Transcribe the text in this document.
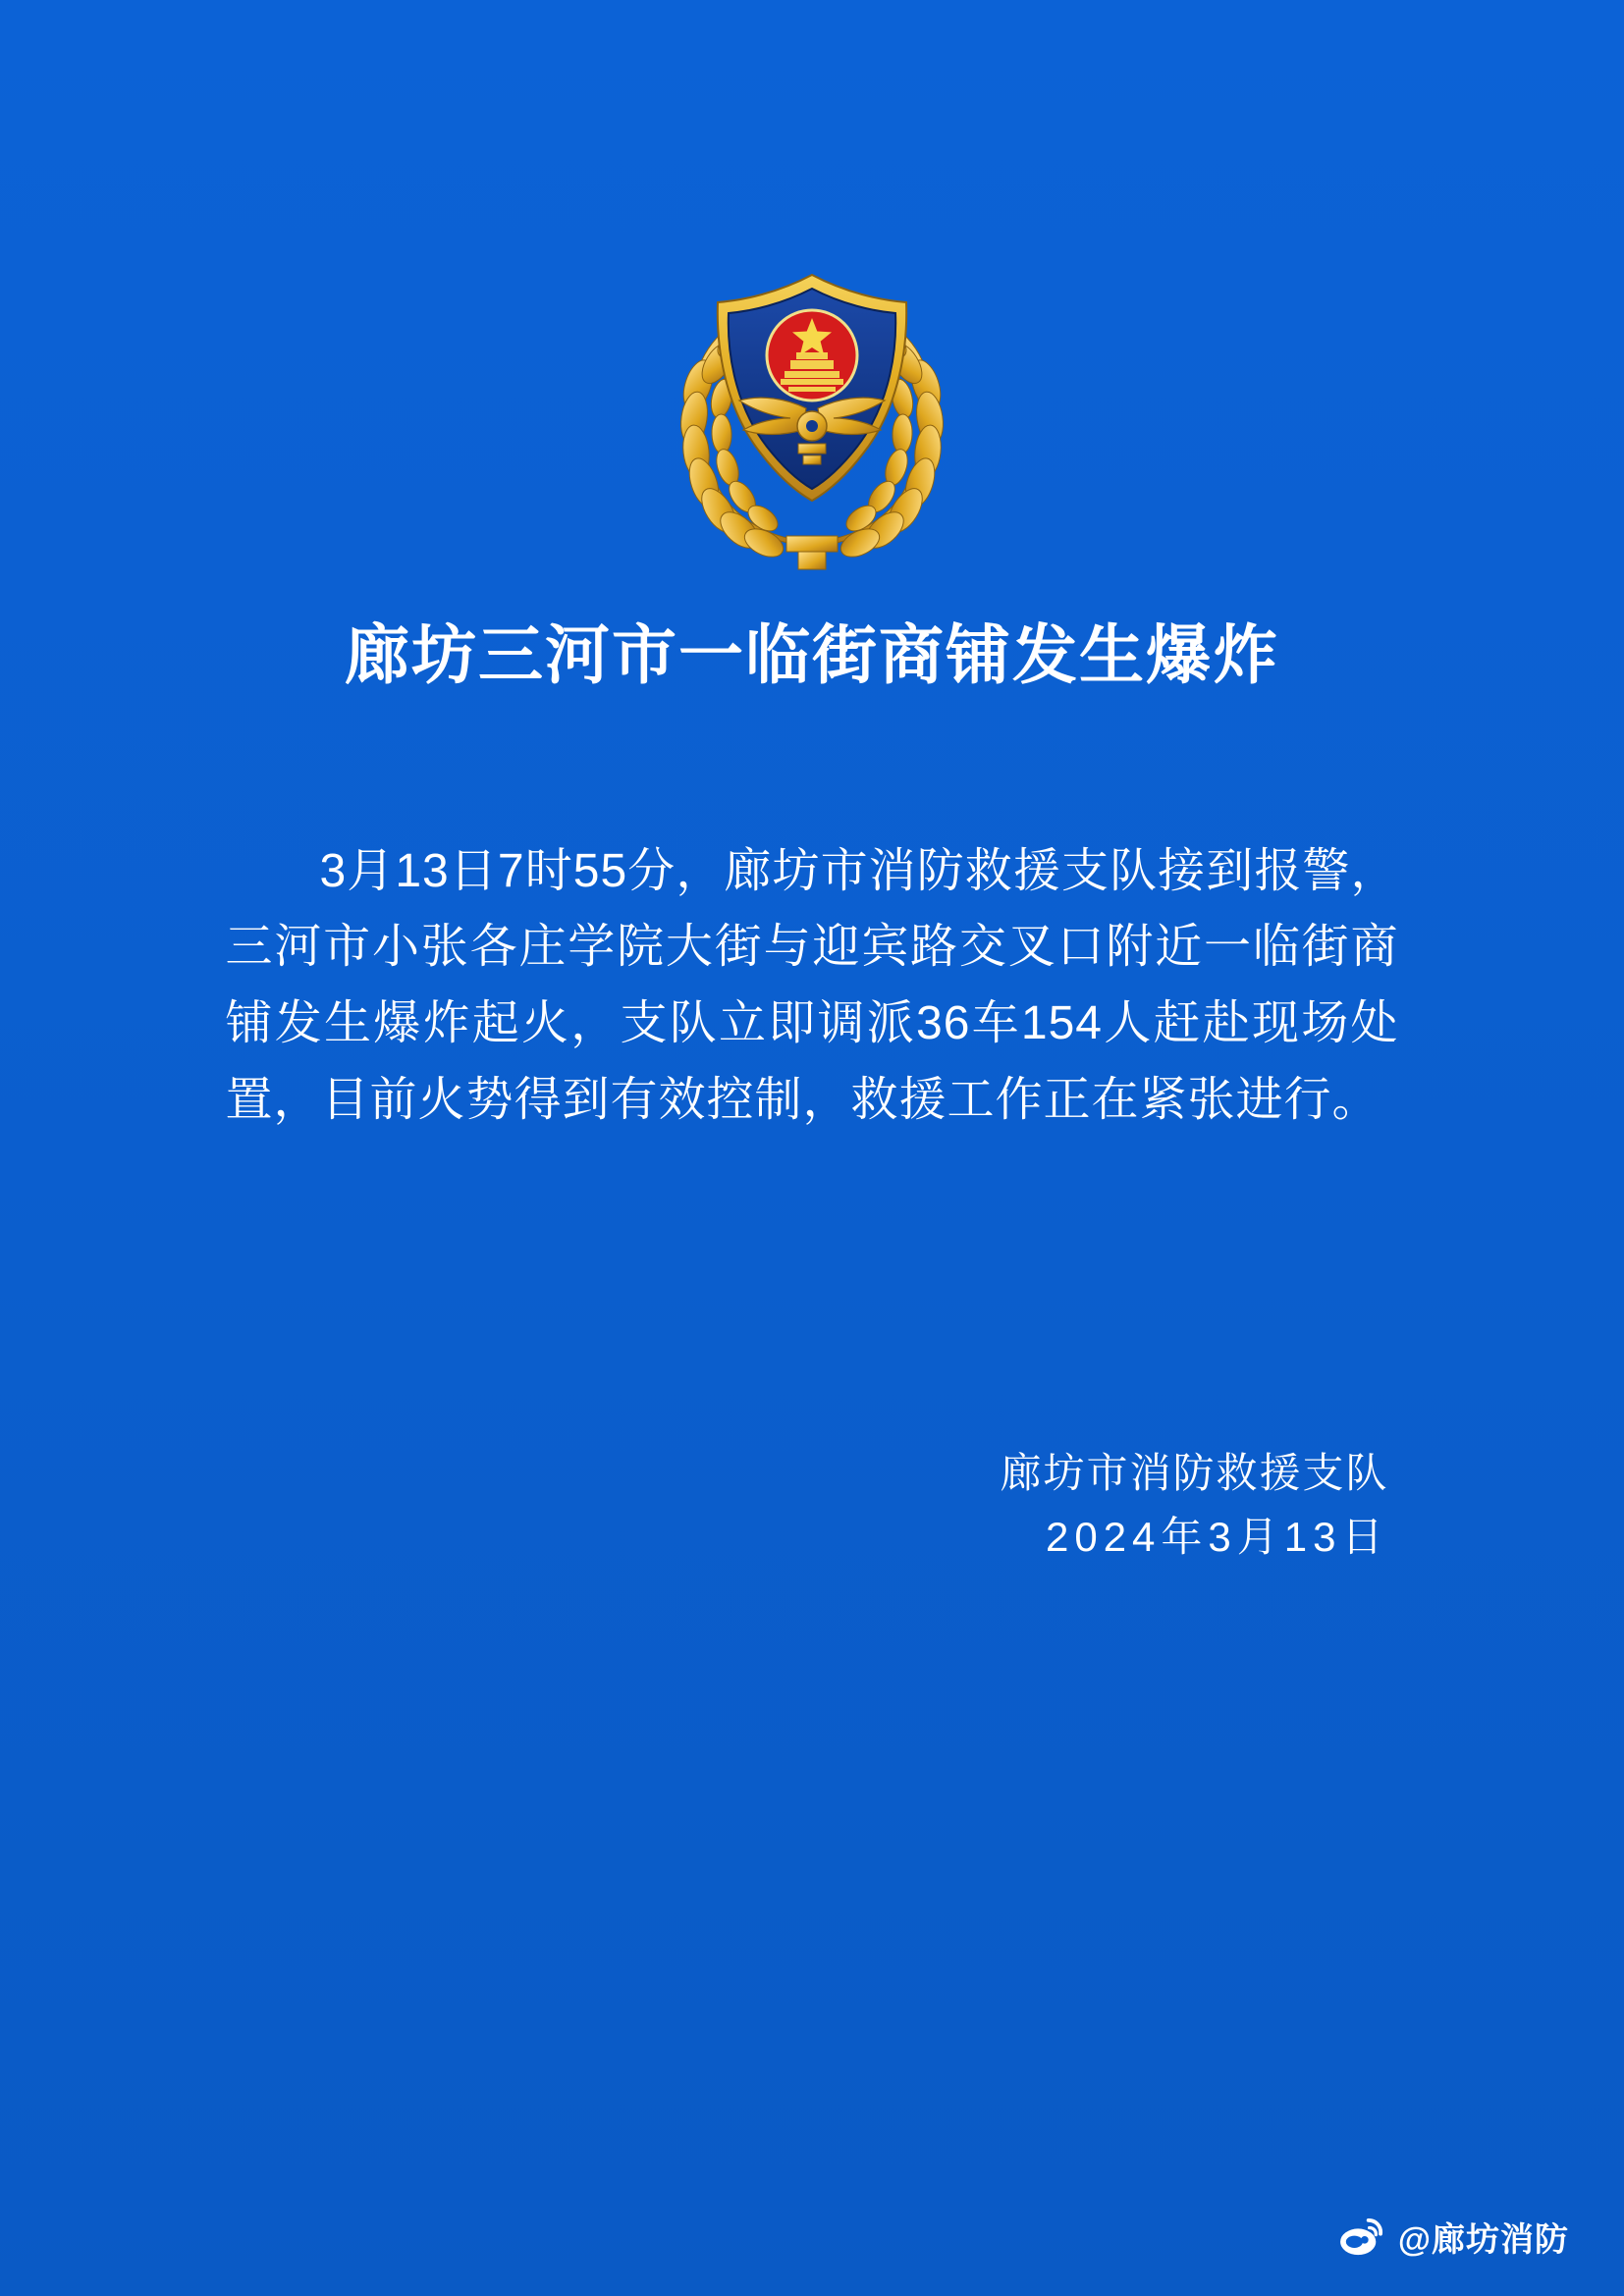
廊坊三河市一临街商铺发生爆炸

3月13日7时55分，廊坊市消防救援支队接到报警，三河市小张各庄学院大街与迎宾路交叉口附近一临街商铺发生爆炸起火，支队立即调派36车154人赶赴现场处置，目前火势得到有效控制，救援工作正在紧张进行。

廊坊市消防救援支队
2024年3月13日
@廊坊消防
